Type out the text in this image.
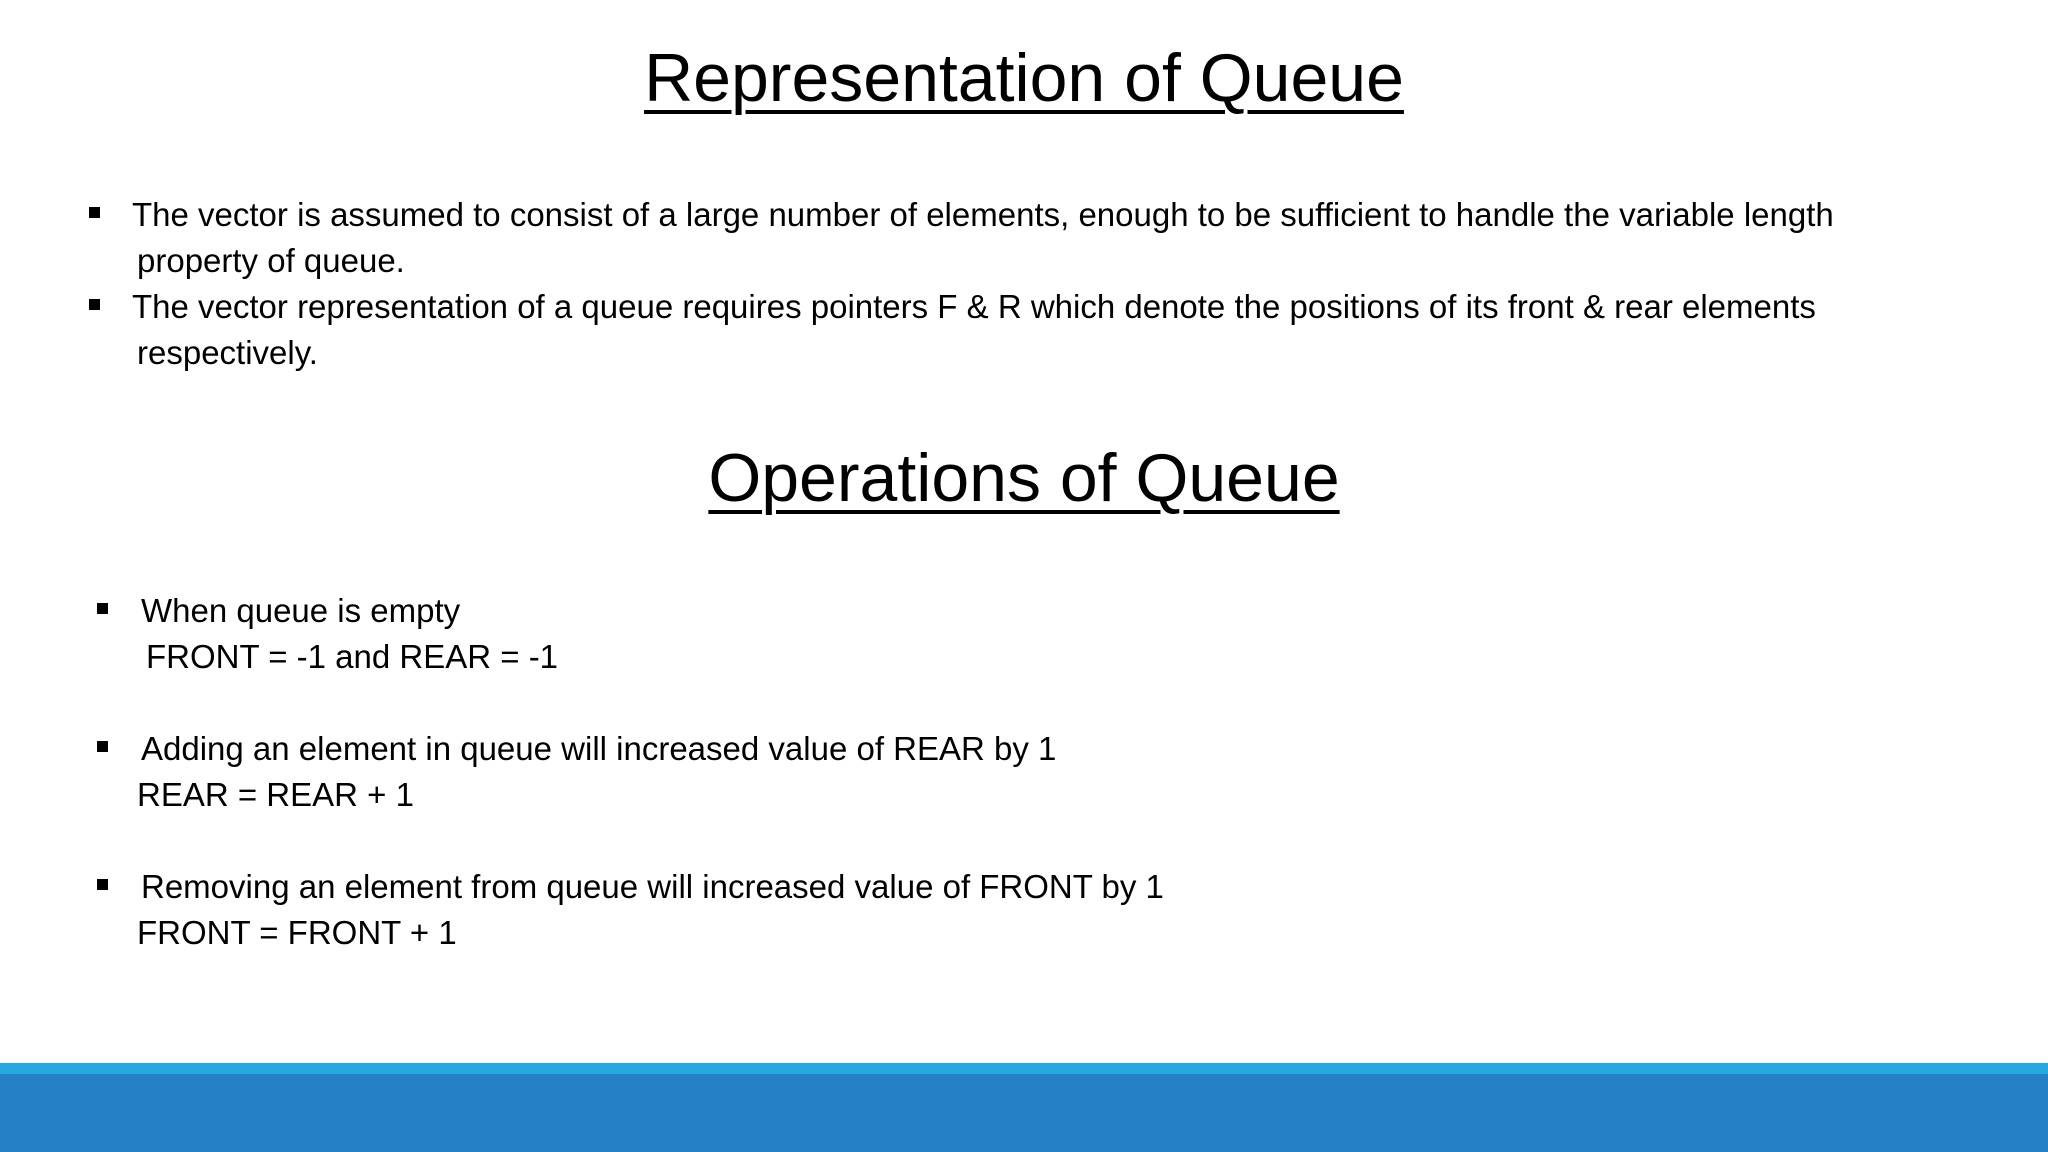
Representation of Queue
The vector is assumed to consist of a large number of elements, enough to be sufficient to handle the variable length
property of queue.
The vector representation of a queue requires pointers F & R which denote the positions of its front & rear elements
respectively.
Operations of Queue
When queue is empty
FRONT = -1 and REAR = -1
Adding an element in queue will increased value of REAR by 1
REAR = REAR + 1
Removing an element from queue will increased value of FRONT by 1
FRONT = FRONT + 1
